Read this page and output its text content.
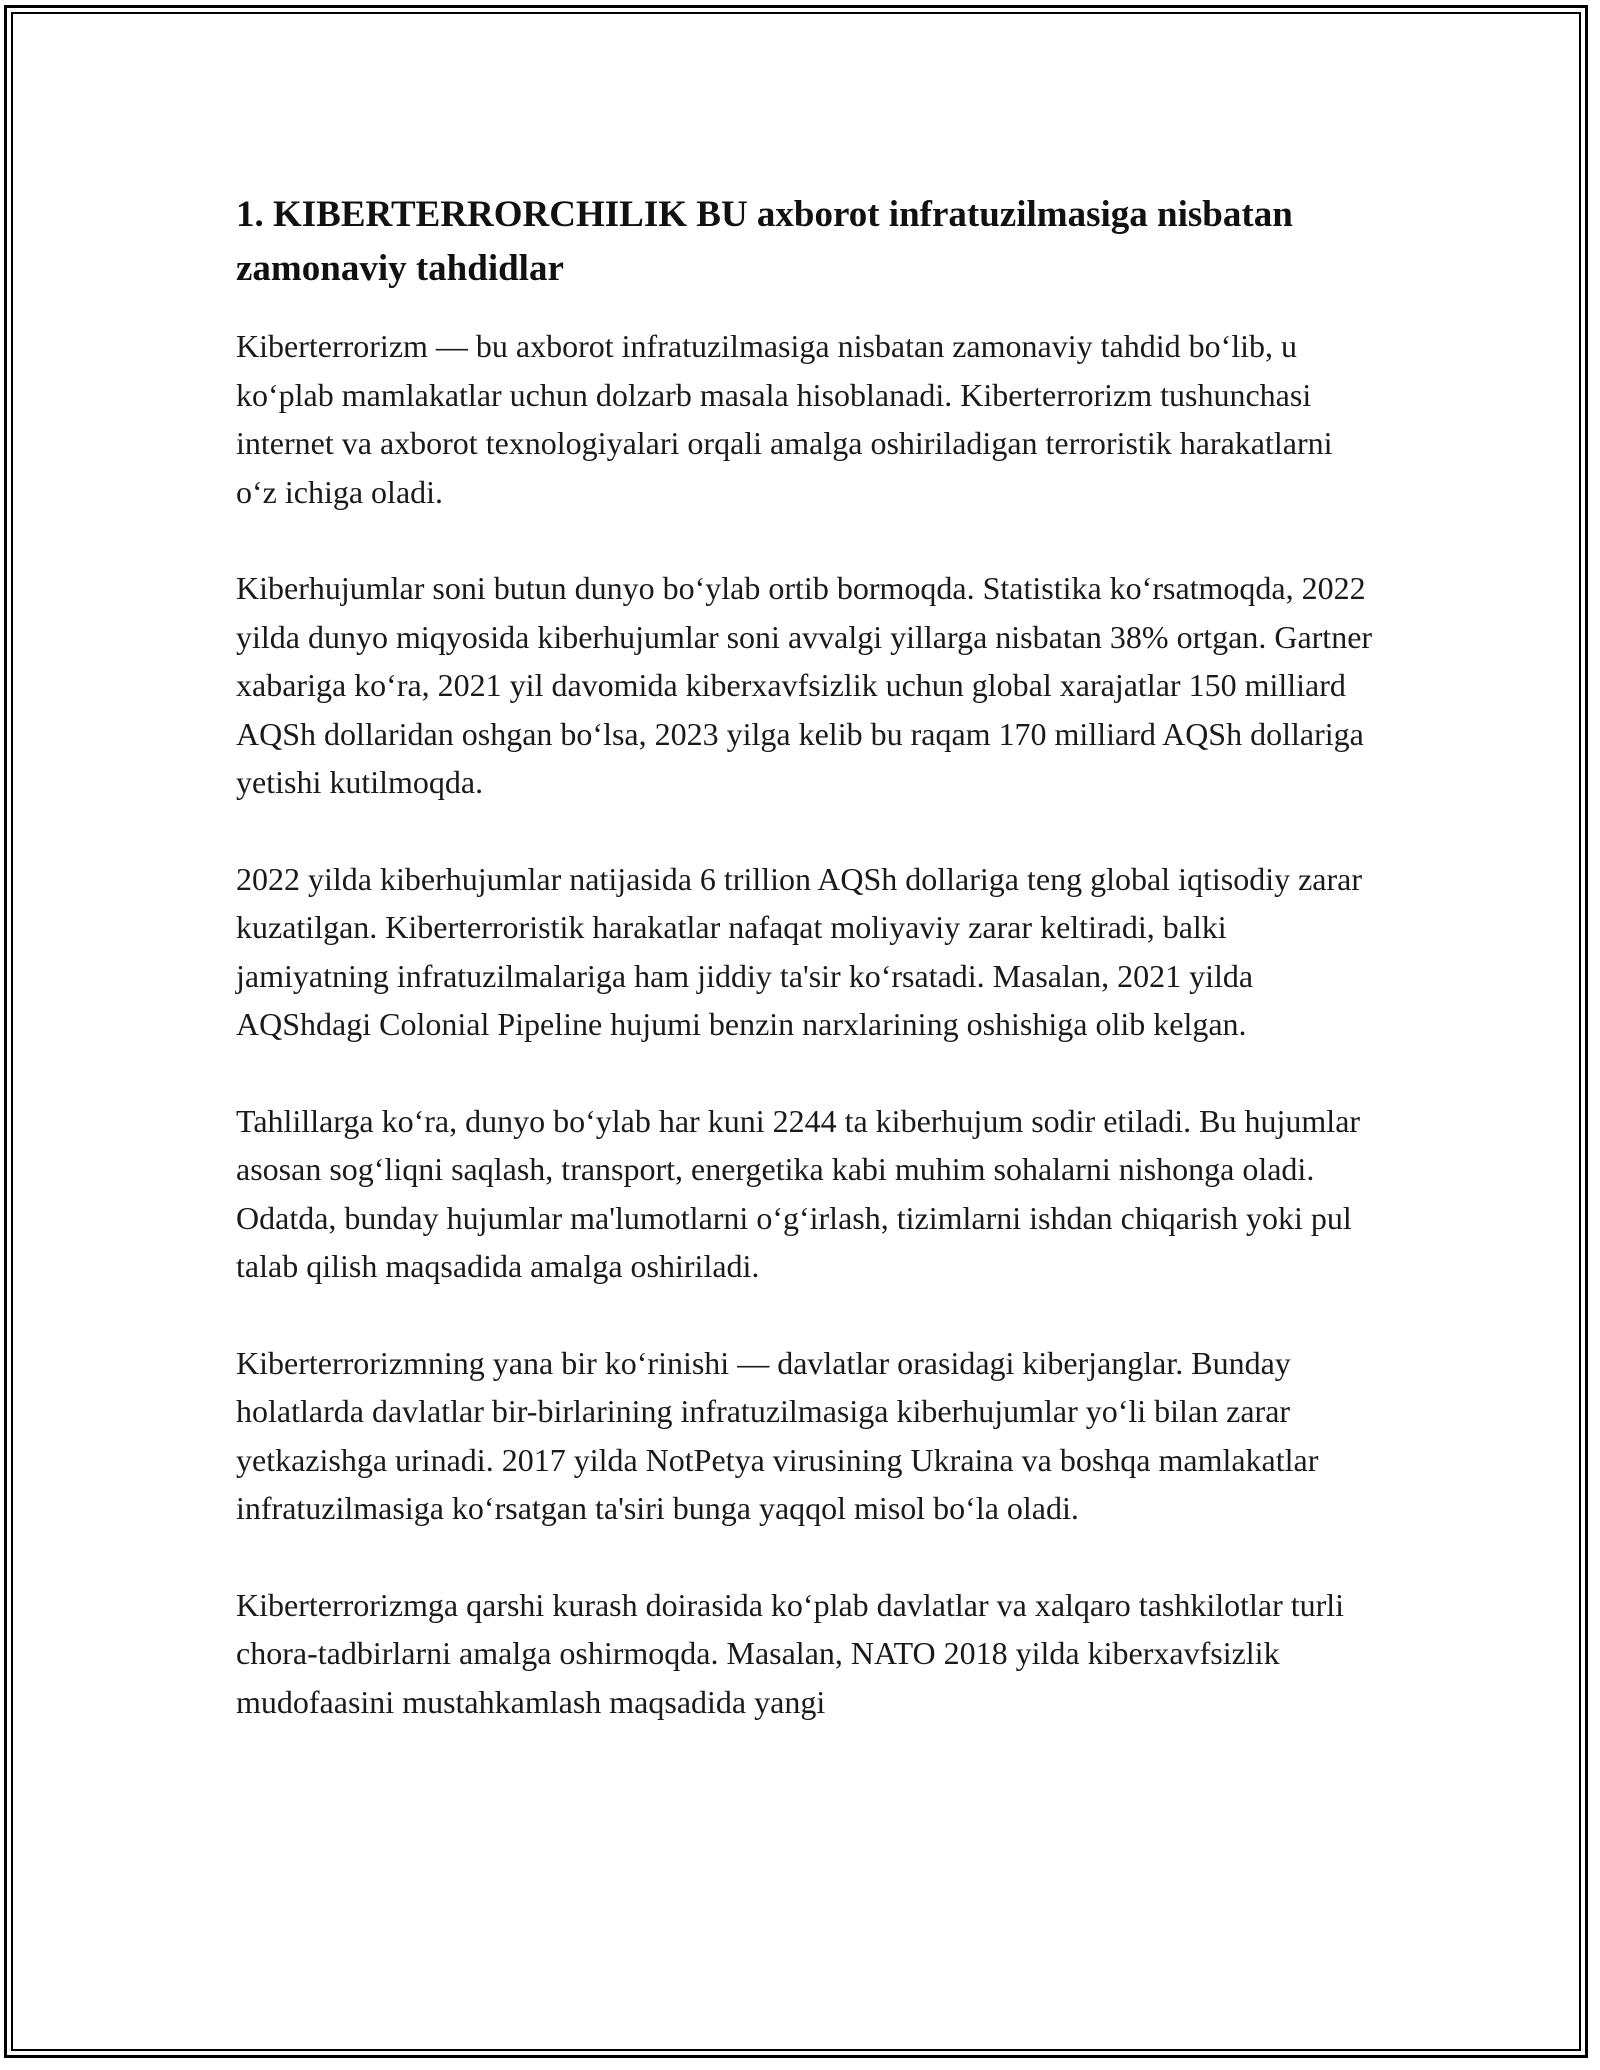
1. KIBERTERRORCHILIK BU axborot infratuzilmasiga nisbatan zamonaviy tahdidlar

Kiberterrorizm — bu axborot infratuzilmasiga nisbatan zamonaviy tahdid bo‘lib, u ko‘plab mamlakatlar uchun dolzarb masala hisoblanadi. Kiberterrorizm tushunchasi internet va axborot texnologiyalari orqali amalga oshiriladigan terroristik harakatlarni o‘z ichiga oladi.

Kiberhujumlar soni butun dunyo bo‘ylab ortib bormoqda. Statistika ko‘rsatmoqda, 2022 yilda dunyo miqyosida kiberhujumlar soni avvalgi yillarga nisbatan 38% ortgan. Gartner xabariga ko‘ra, 2021 yil davomida kiberxavfsizlik uchun global xarajatlar 150 milliard AQSh dollaridan oshgan bo‘lsa, 2023 yilga kelib bu raqam 170 milliard AQSh dollariga yetishi kutilmoqda.

2022 yilda kiberhujumlar natijasida 6 trillion AQSh dollariga teng global iqtisodiy zarar kuzatilgan. Kiberterroristik harakatlar nafaqat moliyaviy zarar keltiradi, balki jamiyatning infratuzilmalariga ham jiddiy ta'sir ko‘rsatadi. Masalan, 2021 yilda AQShdagi Colonial Pipeline hujumi benzin narxlarining oshishiga olib kelgan.

Tahlillarga ko‘ra, dunyo bo‘ylab har kuni 2244 ta kiberhujum sodir etiladi. Bu hujumlar asosan sog‘liqni saqlash, transport, energetika kabi muhim sohalarni nishonga oladi. Odatda, bunday hujumlar ma'lumotlarni o‘g‘irlash, tizimlarni ishdan chiqarish yoki pul talab qilish maqsadida amalga oshiriladi.

Kiberterrorizmning yana bir ko‘rinishi — davlatlar orasidagi kiberjanglar. Bunday holatlarda davlatlar bir-birlarining infratuzilmasiga kiberhujumlar yo‘li bilan zarar yetkazishga urinadi. 2017 yilda NotPetya virusining Ukraina va boshqa mamlakatlar infratuzilmasiga ko‘rsatgan ta'siri bunga yaqqol misol bo‘la oladi.

Kiberterrorizmga qarshi kurash doirasida ko‘plab davlatlar va xalqaro tashkilotlar turli chora-tadbirlarni amalga oshirmoqda. Masalan, NATO 2018 yilda kiberxavfsizlik mudofaasini mustahkamlash maqsadida yangi
